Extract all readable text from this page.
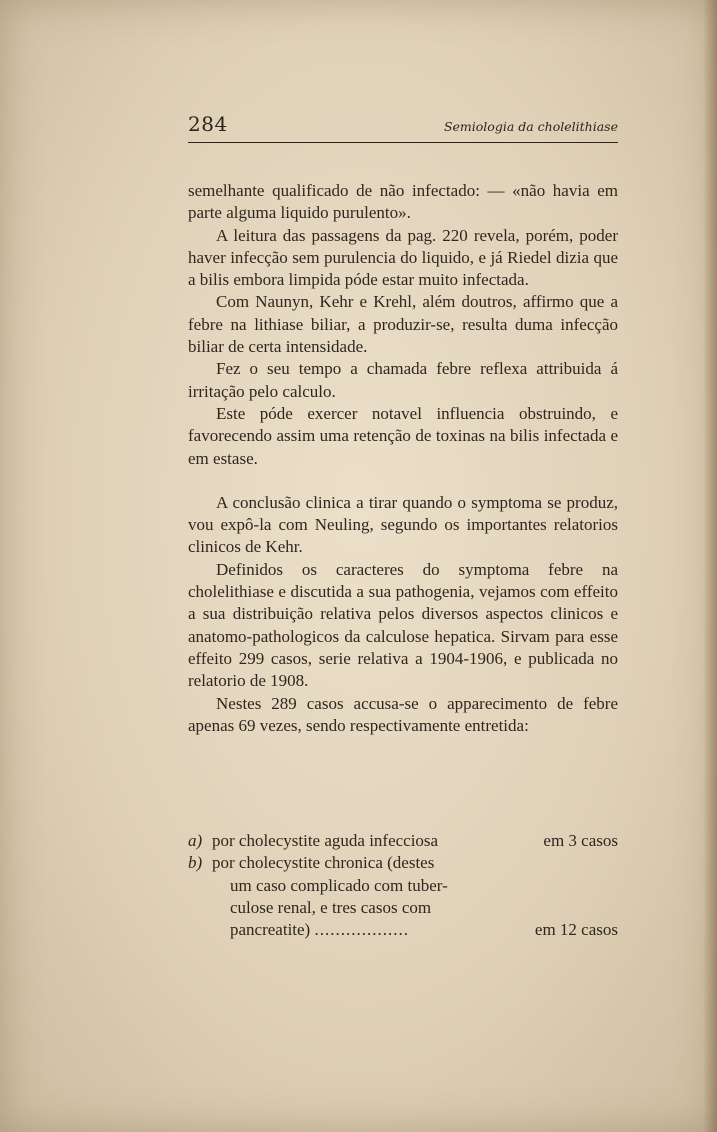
284	Semiologia da cholelithiase

semelhante qualificado de não infectado: — «não havia em parte alguma liquido purulento».

A leitura das passagens da pag. 220 revela, porém, poder haver infecção sem purulencia do liquido, e já Riedel dizia que a bilis embora limpida póde estar muito infectada.

Com Naunyn, Kehr e Krehl, além doutros, affirmo que a febre na lithiase biliar, a produzir-se, resulta duma infecção biliar de certa intensidade.

Fez o seu tempo a chamada febre reflexa attribuida á irritação pelo calculo.

Este póde exercer notavel influencia obstruindo, e favorecendo assim uma retenção de toxinas na bilis infectada e em estase.

A conclusão clinica a tirar quando o symptoma se produz, vou expô-la com Neuling, segundo os importantes relatorios clinicos de Kehr.

Definidos os caracteres do symptoma febre na cholelithiase e discutida a sua pathogenia, vejamos com effeito a sua distribuição relativa pelos diversos aspectos clinicos e anatomo-pathologicos da calculose hepatica. Sirvam para esse effeito 299 casos, serie relativa a 1904-1906, e publicada no relatorio de 1908.

Nestes 289 casos accusa-se o apparecimento de febre apenas 69 vezes, sendo respectivamente entretida:

a) por cholecystite aguda infecciosa	em 3 casos
b) por cholecystite chronica (destes
um caso complicado com tuber-
culose renal, e tres casos com
pancreatite) ..................	em 12 casos
